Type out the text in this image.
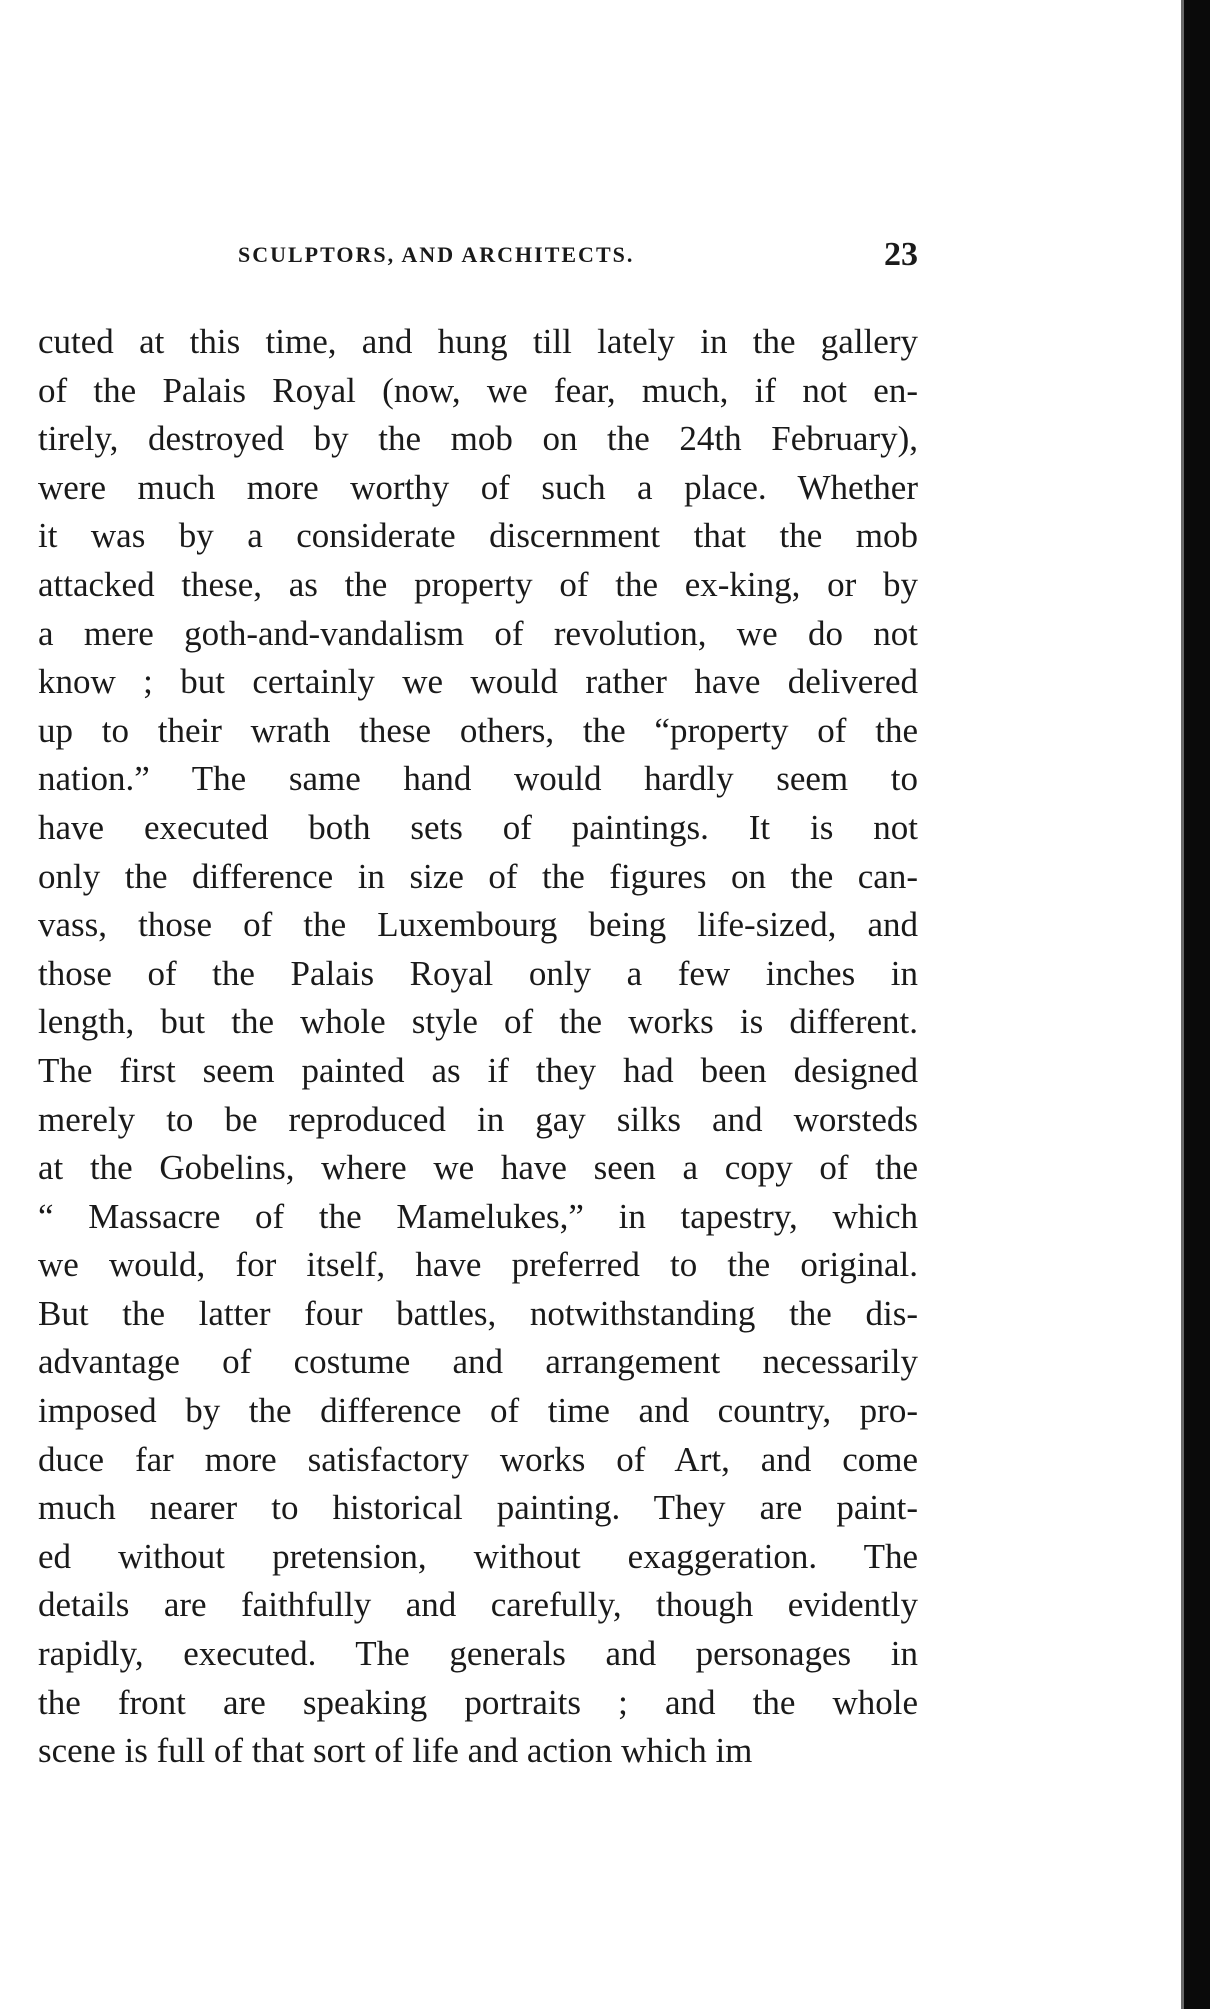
SCULPTORS, AND ARCHITECTS.	23
cuted at this time, and hung till lately in the gallery
of the Palais Royal (now, we fear, much, if not en-
tirely, destroyed by the mob on the 24th February),
were much more worthy of such a place. Whether
it was by a considerate discernment that the mob
attacked these, as the property of the ex-king, or by
a mere goth-and-vandalism of revolution, we do not
know ; but certainly we would rather have delivered
up to their wrath these others, the “property of the
nation.” The same hand would hardly seem to
have executed both sets of paintings. It is not
only the difference in size of the figures on the can-
vass, those of the Luxembourg being life-sized, and
those of the Palais Royal only a few inches in
length, but the whole style of the works is different.
The first seem painted as if they had been designed
merely to be reproduced in gay silks and worsteds
at the Gobelins, where we have seen a copy of the
“ Massacre of the Mamelukes,” in tapestry, which
we would, for itself, have preferred to the original.
But the latter four battles, notwithstanding the dis-
advantage of costume and arrangement necessarily
imposed by the difference of time and country, pro-
duce far more satisfactory works of Art, and come
much nearer to historical painting. They are paint-
ed without pretension, without exaggeration. The
details are faithfully and carefully, though evidently
rapidly, executed. The generals and personages in
the front are speaking portraits ; and the whole
scene is full of that sort of life and action which im
